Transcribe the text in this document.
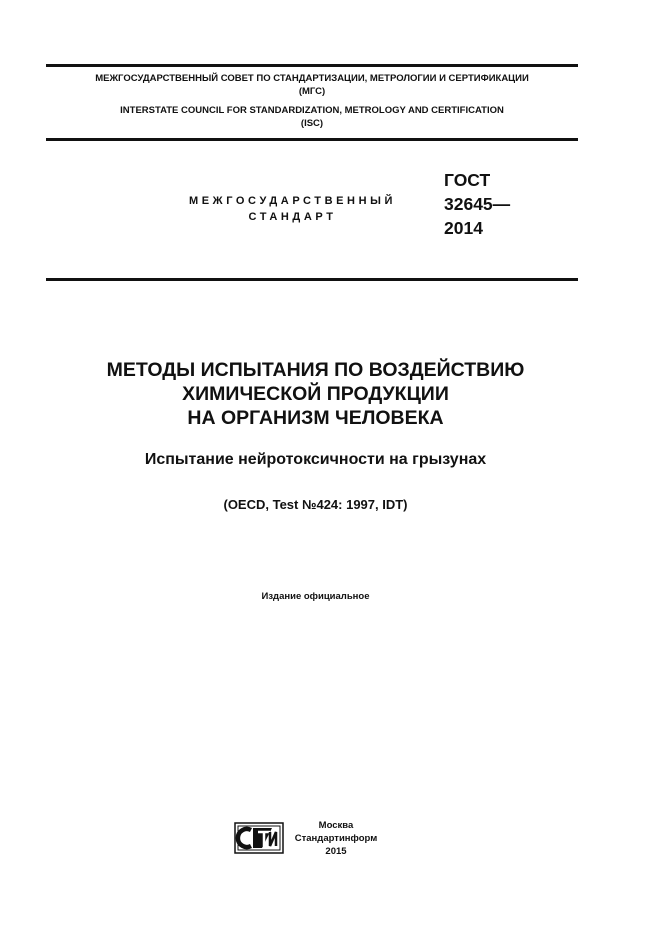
МЕЖГОСУДАРСТВЕННЫЙ СОВЕТ ПО СТАНДАРТИЗАЦИИ, МЕТРОЛОГИИ И СЕРТИФИКАЦИИ
(МГС)
INTERSTATE COUNCIL FOR STANDARDIZATION, METROLOGY AND CERTIFICATION
(ISC)
МЕЖГОСУДАРСТВЕННЫЙ
СТАНДАРТ
ГОСТ
32645—
2014
МЕТОДЫ ИСПЫТАНИЯ ПО ВОЗДЕЙСТВИЮ
ХИМИЧЕСКОЙ ПРОДУКЦИИ
НА ОРГАНИЗМ ЧЕЛОВЕКА
Испытание нейротоксичности на грызунах
(OECD, Test №424: 1997, IDT)
Издание официальное
Москва
Стандартинформ
2015
